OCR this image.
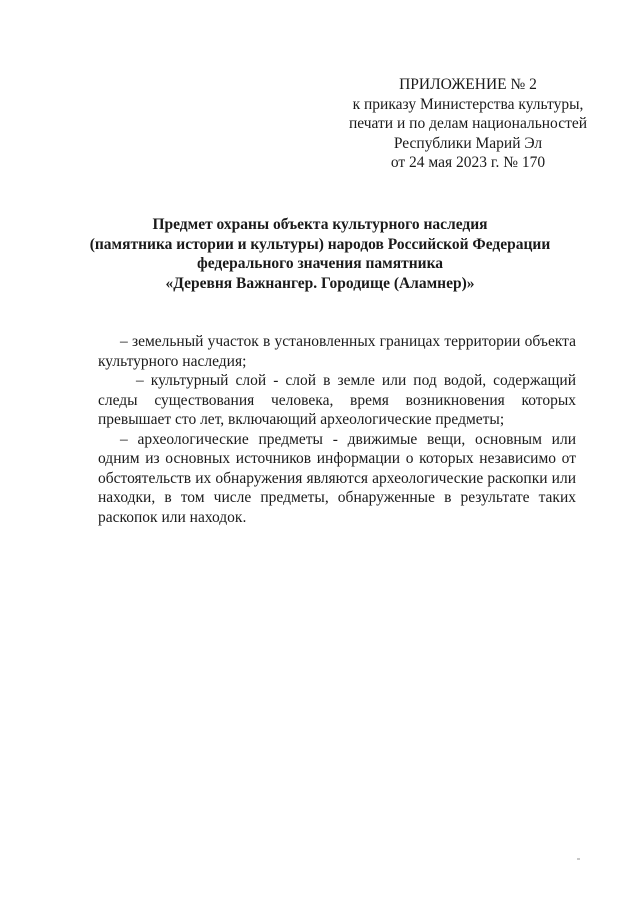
ПРИЛОЖЕНИЕ № 2
к приказу Министерства культуры,
печати и по делам национальностей
Республики Марий Эл
от 24 мая 2023 г. № 170
Предмет охраны объекта культурного наследия
(памятника истории и культуры) народов Российской Федерации
федерального значения памятника
«Деревня Важнангер. Городище (Аламнер)»

– земельный участок в установленных границах территории объекта культурного наследия;

– культурный слой - слой в земле или под водой, содержащий следы существования человека, время возникновения которых превышает сто лет, включающий археологические предметы;

– археологические предметы - движимые вещи, основным или одним из основных источников информации о которых независимо от обстоятельств их обнаружения являются археологические раскопки или находки, в том числе предметы, обнаруженные в результате таких раскопок или находок.
